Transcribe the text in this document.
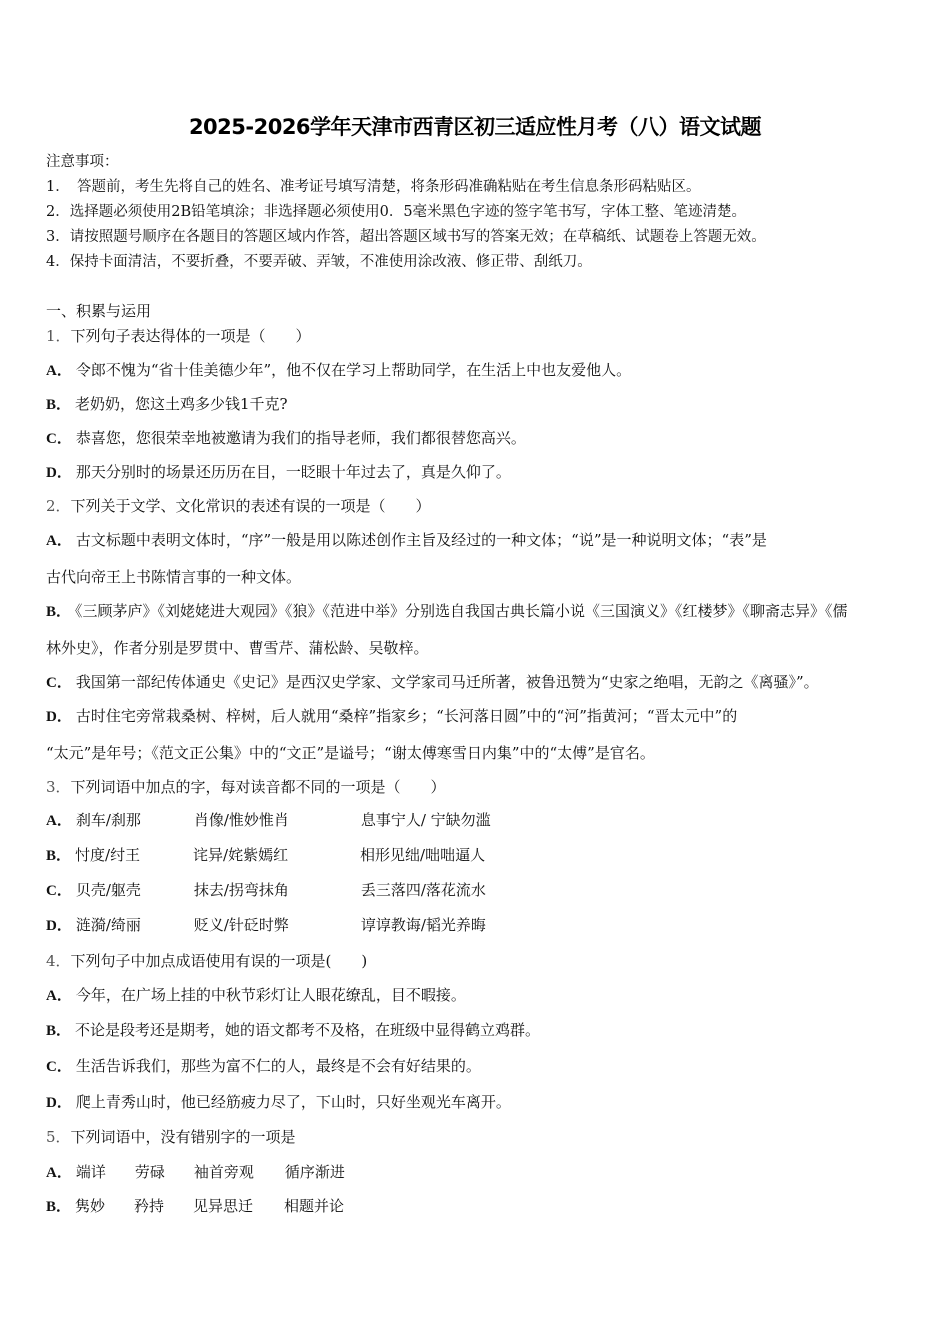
2025-2026学年天津市西青区初三适应性月考（八）语文试题
注意事项：
1．　答题前，考生先将自己的姓名、准考证号填写清楚，将条形码准确粘贴在考生信息条形码粘贴区。
2．选择题必须使用2B铅笔填涂；非选择题必须使用0．5毫米黑色字迹的签字笔书写，字体工整、笔迹清楚。
3．请按照题号顺序在各题目的答题区域内作答，超出答题区域书写的答案无效；在草稿纸、试题卷上答题无效。
4．保持卡面清洁，不要折叠，不要弄破、弄皱，不准使用涂改液、修正带、刮纸刀。
一、积累与运用
1．下列句子表达得体的一项是（　　）
A． 令郎不愧为“省十佳美德少年”，他不仅在学习上帮助同学，在生活上中也友爱他人。
B． 老奶奶，您这土鸡多少钱1千克?
C． 恭喜您，您很荣幸地被邀请为我们的指导老师，我们都很替您高兴。
D． 那天分别时的场景还历历在目，一眨眼十年过去了，真是久仰了。
2．下列关于文学、文化常识的表述有误的一项是（　　）
A． 古文标题中表明文体时，“序”一般是用以陈述创作主旨及经过的一种文体；“说”是一种说明文体；“表”是
古代向帝王上书陈情言事的一种文体。
B． 《三顾茅庐》《刘姥姥进大观园》《狼》《范进中举》分别选自我国古典长篇小说《三国演义》《红楼梦》《聊斋志异》《儒
林外史》，作者分别是罗贯中、曹雪芹、蒲松龄、吴敬梓。
C． 我国第一部纪传体通史《史记》是西汉史学家、文学家司马迁所著，被鲁迅赞为“史家之绝唱，无韵之《离骚》”。
D． 古时住宅旁常栽桑树、梓树，后人就用“桑梓”指家乡；“长河落日圆”中的“河”指黄河；“晋太元中”的
“太元”是年号；《范文正公集》中的“文正”是谥号；“谢太傅寒雪日内集”中的“太傅”是官名。
3．下列词语中加点的字，每对读音都不同的一项是（　　）
A． 刹车/刹那	肖像/惟妙惟肖	息事宁人/ 宁缺勿滥
B． 忖度/纣王	诧异/姹紫嫣红	相形见绌/咄咄逼人
C． 贝壳/躯壳	抹去/拐弯抹角	丢三落四/落花流水
D． 涟漪/绮丽	贬义/针砭时弊	谆谆教诲/韬光养晦
4．下列句子中加点成语使用有误的一项是(　　)
A． 今年，在广场上挂的中秋节彩灯让人眼花缭乱，目不暇接。
B． 不论是段考还是期考，她的语文都考不及格，在班级中显得鹤立鸡群。
C． 生活告诉我们，那些为富不仁的人，最终是不会有好结果的。
D． 爬上青秀山时，他已经筋疲力尽了，下山时，只好坐观光车离开。
5．下列词语中，没有错别字的一项是
A． 端详 劳碌 袖首旁观 循序渐进
B． 隽妙 矜持 见异思迁 相题并论
